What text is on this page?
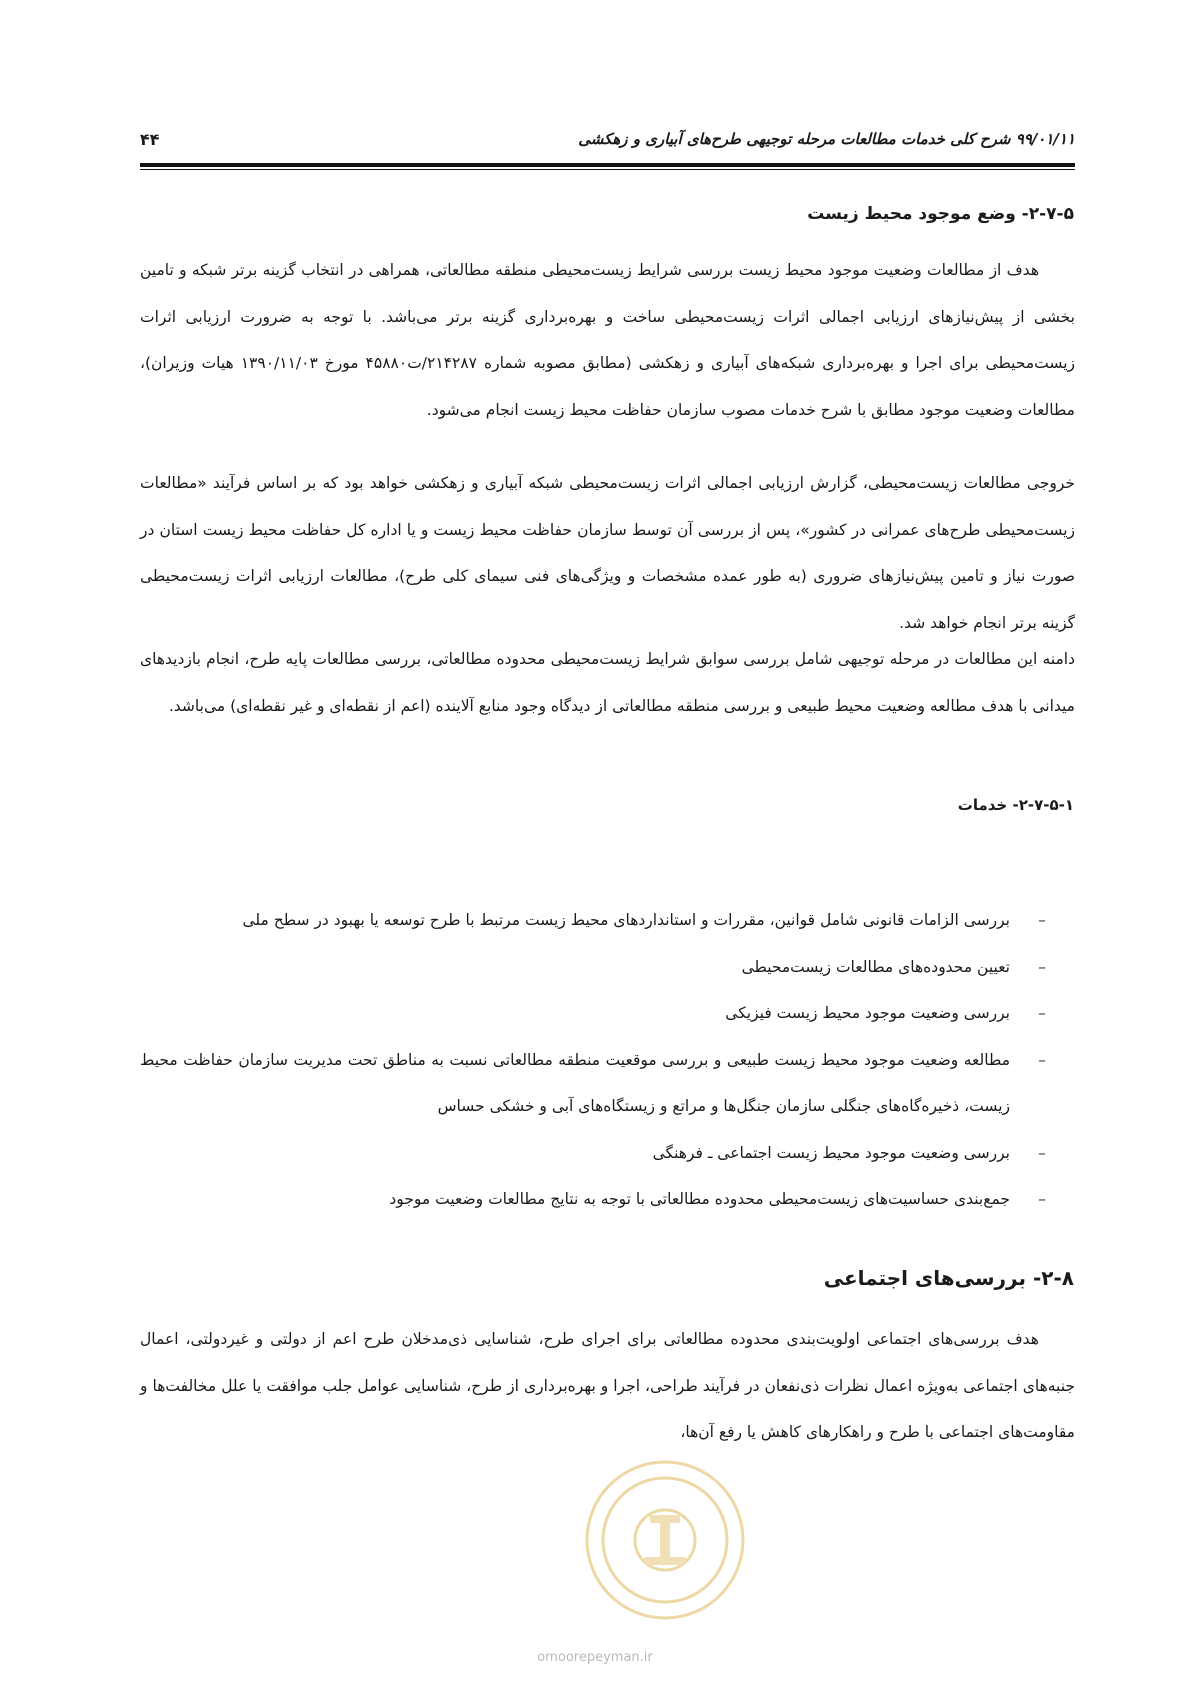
۹۹/۰۱/۱۱ شرح کلی خدمات مطالعات مرحله توجیهی طرح‌های آبیاری و زهکشی
۴۴
۲-۷-۵- وضع موجود محیط زیست
هدف از مطالعات وضعیت موجود محیط زیست بررسی شرایط زیست‌محیطی منطقه مطالعاتی، همراهی در انتخاب گزینه برتر شبکه و تامین بخشی از پیش‌نیازهای ارزیابی اجمالی اثرات زیست‌محیطی ساخت و بهره‌برداری گزینه برتر می‌باشد. با توجه به ضرورت ارزیابی اثرات زیست‌محیطی برای اجرا و بهره‌برداری شبکه‌های آبیاری و زهکشی (مطابق مصوبه شماره ۲۱۴۲۸۷/ت۴۵۸۸۰ مورخ ۱۳۹۰/۱۱/۰۳ هیات وزیران)، مطالعات وضعیت موجود مطابق با شرح خدمات مصوب سازمان حفاظت محیط زیست انجام می‌شود.
خروجی مطالعات زیست‌محیطی، گزارش ارزیابی اجمالی اثرات زیست‌محیطی شبکه آبیاری و زهکشی خواهد بود که بر اساس فرآیند «مطالعات زیست‌محیطی طرح‌های عمرانی در کشور»، پس از بررسی آن توسط سازمان حفاظت محیط زیست و یا اداره کل حفاظت محیط زیست استان در صورت نیاز و تامین پیش‌نیازهای ضروری (به طور عمده مشخصات و ویژگی‌های فنی سیمای کلی طرح)، مطالعات ارزیابی اثرات زیست‌محیطی گزینه برتر انجام خواهد شد.
دامنه این مطالعات در مرحله توجیهی شامل بررسی سوابق شرایط زیست‌محیطی محدوده مطالعاتی، بررسی مطالعات پایه طرح، انجام بازدیدهای میدانی با هدف مطالعه وضعیت محیط طبیعی و بررسی منطقه مطالعاتی از دیدگاه وجود منابع آلاینده (اعم از نقطه‌ای و غیر نقطه‌ای) می‌باشد.
۲-۷-۵-۱- خدمات
–
بررسی الزامات قانونی شامل قوانین، مقررات و استانداردهای محیط زیست مرتبط با طرح توسعه یا بهبود در سطح ملی
–
تعیین محدوده‌های مطالعات زیست‌محیطی
–
بررسی وضعیت موجود محیط زیست فیزیکی
–
مطالعه وضعیت موجود محیط زیست طبیعی و بررسی موقعیت منطقه مطالعاتی نسبت به مناطق تحت مدیریت سازمان حفاظت محیط زیست، ذخیره‌گاه‌های جنگلی سازمان جنگل‌ها و مراتع و زیستگاه‌های آبی و خشکی حساس
–
بررسی وضعیت موجود محیط زیست اجتماعی ـ فرهنگی
–
جمع‌بندی حساسیت‌های زیست‌محیطی محدوده مطالعاتی با توجه به نتایج مطالعات وضعیت موجود
۲-۸- بررسی‌های اجتماعی
هدف بررسی‌های اجتماعی اولویت‌بندی محدوده مطالعاتی برای اجرای طرح، شناسایی ذی‌مدخلان طرح اعم از دولتی و غیردولتی، اعمال جنبه‌های اجتماعی به‌ویژه اعمال نظرات ذی‌نفعان در فرآیند طراحی، اجرا و بهره‌برداری از طرح، شناسایی عوامل جلب موافقت یا علل مخالفت‌ها و مقاومت‌های اجتماعی با طرح و راهکارهای کاهش یا رفع آن‌ها،
omoorepeyman.ir
